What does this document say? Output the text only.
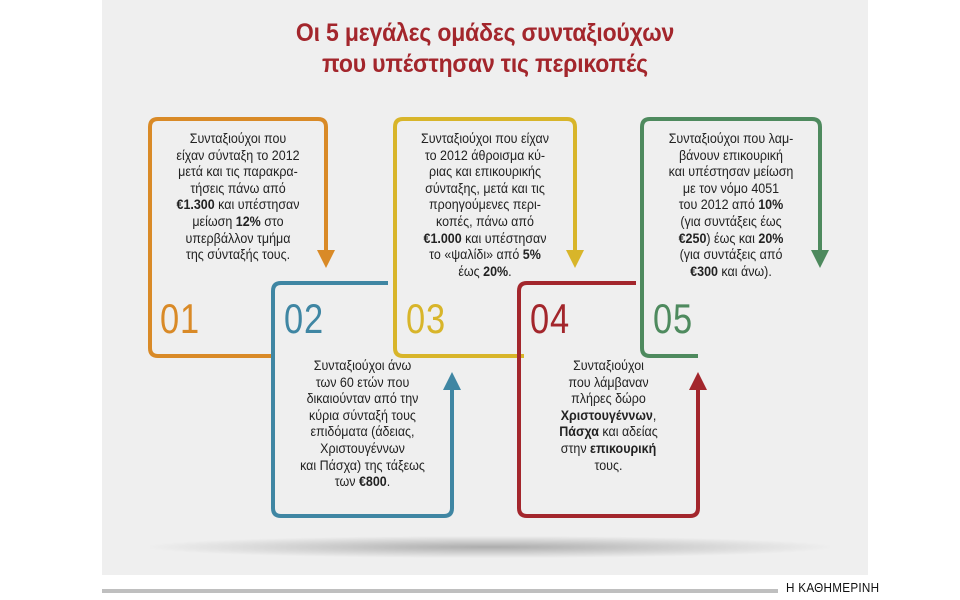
Οι 5 μεγάλες ομάδες συνταξιούχων
που υπέστησαν τις περικοπές
01 02 03 04 05
Συνταξιούχοι που
είχαν σύνταξη το 2012
μετά και τις παρακρα-
τήσεις πάνω από
€1.300 και υπέστησαν
μείωση 12% στο
υπερβάλλον τμήμα
της σύνταξής τους.
Συνταξιούχοι άνω
των 60 ετών που
δικαιούνταν από την
κύρια σύνταξή τους
επιδόματα (άδειας,
Χριστουγέννων
και Πάσχα) της τάξεως
των €800.
Συνταξιούχοι που είχαν
το 2012 άθροισμα κύ-
ριας και επικουρικής
σύνταξης, μετά και τις
προηγούμενες περι-
κοπές, πάνω από
€1.000 και υπέστησαν
το «ψαλίδι» από 5%
έως 20%.
Συνταξιούχοι
που λάμβαναν
πλήρες δώρο
Χριστουγέννων,
Πάσχα και αδείας
στην επικουρική
τους.
Συνταξιούχοι που λαμ-
βάνουν επικουρική
και υπέστησαν μείωση
με τον νόμο 4051
του 2012 από 10%
(για συντάξεις έως
€250) έως και 20%
(για συντάξεις από
€300 και άνω).
Η ΚΑΘΗΜΕΡΙΝΗ
